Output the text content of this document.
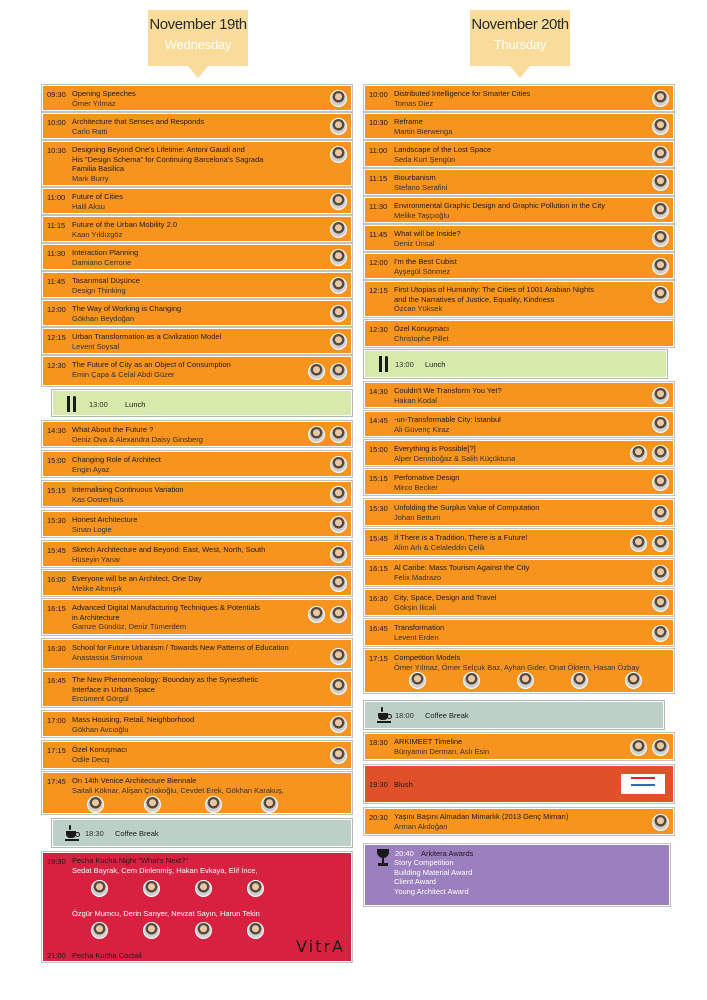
November 19th
Wednesday
November 20th
Thursday
09:30 Opening Speeches
Ömer Yılmaz
10:00 Architecture that Senses and Responds
Carlo Ratti
10:30 Designing Beyond One's Lifetime: Antoni Gaudí and
His "Design Schema" for Continuing Barcelona's Sagrada
Familia Basilica
Mark Burry
11:00 Future of Cities
Halil Aksu
11:15 Future of the Urban Mobility 2.0
Kaan Yıldızgöz
11:30 Interaction Planning
Damiano Cerrone
11:45 Tasarımsal Düşünce
Design Thinking
12:00 The Way of Working is Changing
Gökhan Beydoğan
12:15 Urban Transformation as a Civilization Model
Levent Soysal
12:30 The Future of City as an Object of Consumption
Emin Çapa & Celal Abdi Güzer
13:00 Lunch
14:30 What About the Future ?
Deniz Ova & Alexandra Daisy Ginsberg
15:00 Changing Role of Architect
Engin Ayaz
15:15 Internalising Continuous Variation
Kas Oosterhuis
15:30 Honest Architecture
Sinan Logie
15:45 Sketch Architecture and Beyond: East, West, North, South
Hüseyin Yanar
16:00 Everyone will be an Architect, One Day
Melike Altınışık
16:15 Advanced Digital Manufacturing Techniques & Potentials
in Architecture
Gamze Gündüz, Deniz Tümerdem
16:30 School for Future Urbanism / Towards New Patterns of Education
Anastassia Smirnova
16:45 The New Phenomenology: Boundary as the Synesthetic
Interface in Urban Space
Ercüment Görgül
17:00 Mass Housing, Retail, Neighborhood
Gökhan Avcıoğlu
17:15 Özel Konuşmacı
Odile Decq
17:45 On 14th Venice Architecture Biennale
Saitali Köknar, Alişan Çırakoğlu, Cevdet Erek, Gökhan Karakuş,
18:30 Coffee Break
19:30 Pecha Kucha Night "What's Next?"
Sedat Bayrak, Cem Dinlenmiş, Hakan Evkaya, Elif İnce,
Özgür Mumcu, Derin Sarıyer, Nevzat Sayın, Harun Tekin
21:00 Pecha Kucha Coctail	VitrA
10:00 Distributed Intelligence for Smarter Cities
Tomas Diez
10:30 Reframe
Martin Bierwenga
11:00 Landscape of the Lost Space
Seda Kurt Şengün
11:15 Biourbanism
Stefano Serafini
11:30 Environmental Graphic Design and Graphic Pollution in the City
Melike Taşçıoğlu
11:45 What will be Inside?
Deniz Ünsal
12:00 I'm the Best Cubist
Ayşegül Sönmez
12:15 First Utopias of Humanity: The Cities of 1001 Arabian Nights
and the Narratives of Justice, Equality, Kindness
Özcan Yüksek
12:30 Özel Konuşmacı
Christophe Pillet
13:00 Lunch
14:30 Couldn't We Transform You Yet?
Hakan Kodal
14:45 -un-Transformable City: Istanbul
Ali Güvenç Kiraz
15:00 Everything is Possible[?]
Alper Derinboğaz & Salih Küçüktuna
15:15 Perfomative Design
Mirco Becker
15:30 Unfolding the Surplus Value of Computation
Johan Bettum
15:45 If There is a Tradition, There is a Future!
Alim Arlı & Celaleddin Çelik
16:15 Al Caribe: Mass Tourism Against the City
Felix Madrazo
16:30 City, Space, Design and Travel
Gökşin İlicali
16:45 Transformation
Levent Erden
17:15 Competition Models
Ömer Yılmaz, Ömer Selçuk Baz, Ayhan Gider, Onat Öktem, Hasan Özbay
18:00 Coffee Break
18:30 ARKIMEET Timeline
Bünyamin Derman, Aslı Esin
19:30 Blush
20:30 Yaşını Başını Almadan Mimarlık (2013 Genç Mimarı)
Arman Akdoğan
20:40 Arkitera Awards
Story Competition
Building Material Award
Client Award
Young Architect Award
